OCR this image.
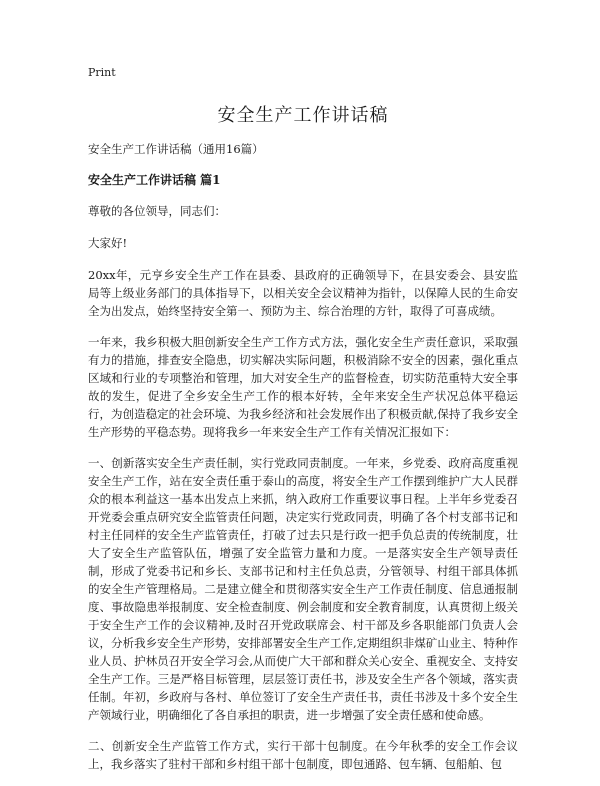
Print
安全生产工作讲话稿
安全生产工作讲话稿（通用16篇）
安全生产工作讲话稿 篇1

尊敬的各位领导，同志们：

大家好!

20xx年，元亨乡安全生产工作在县委、县政府的正确领导下，在县安委会、县安监局等上级业务部门的具体指导下，以相关安全会议精神为指针，以保障人民的生命安全为出发点，始终坚持安全第一、预防为主、综合治理的方针，取得了可喜成绩。

一年来，我乡积极大胆创新安全生产工作方式方法，强化安全生产责任意识，采取强有力的措施，排查安全隐患，切实解决实际问题，积极消除不安全的因素，强化重点区域和行业的专项整治和管理，加大对安全生产的监督检查，切实防范重特大安全事故的发生，促进了全乡安全生产工作的根本好转，全年来安全生产状况总体平稳运行，为创造稳定的社会环境、为我乡经济和社会发展作出了积极贡献,保持了我乡安全生产形势的平稳态势。现将我乡一年来安全生产工作有关情况汇报如下：

一、创新落实安全生产责任制，实行党政同责制度。一年来，乡党委、政府高度重视安全生产工作，站在安全责任重于泰山的高度，将安全生产工作摆到维护广大人民群众的根本利益这一基本出发点上来抓，纳入政府工作重要议事日程。上半年乡党委召开党委会重点研究安全监管责任问题，决定实行党政同责，明确了各个村支部书记和村主任同样的安全生产监管责任，打破了过去只是行政一把手负总责的传统制度，壮大了安全生产监管队伍，增强了安全监管力量和力度。一是落实安全生产领导责任制，形成了党委书记和乡长、支部书记和村主任负总责，分管领导、村组干部具体抓的安全生产管理格局。二是建立健全和贯彻落实安全生产工作责任制度、信息通报制度、事故隐患举报制度、安全检查制度、例会制度和安全教育制度，认真贯彻上级关于安全生产工作的会议精神,及时召开党政联席会、村干部及乡各职能部门负责人会议，分析我乡安全生产形势，安排部署安全生产工作,定期组织非煤矿山业主、特种作业人员、护林员召开安全学习会,从而使广大干部和群众关心安全、重视安全、支持安全生产工作。三是严格目标管理，层层签订责任书，涉及安全生产各个领域，落实责任制。年初，乡政府与各村、单位签订了安全生产责任书，责任书涉及十多个安全生产领域行业，明确细化了各自承担的职责，进一步增强了安全责任感和使命感。

二、创新安全生产监管工作方式，实行干部十包制度。在今年秋季的安全工作会议上，我乡落实了驻村干部和乡村组干部十包制度，即包通路、包车辆、包船舶、包
